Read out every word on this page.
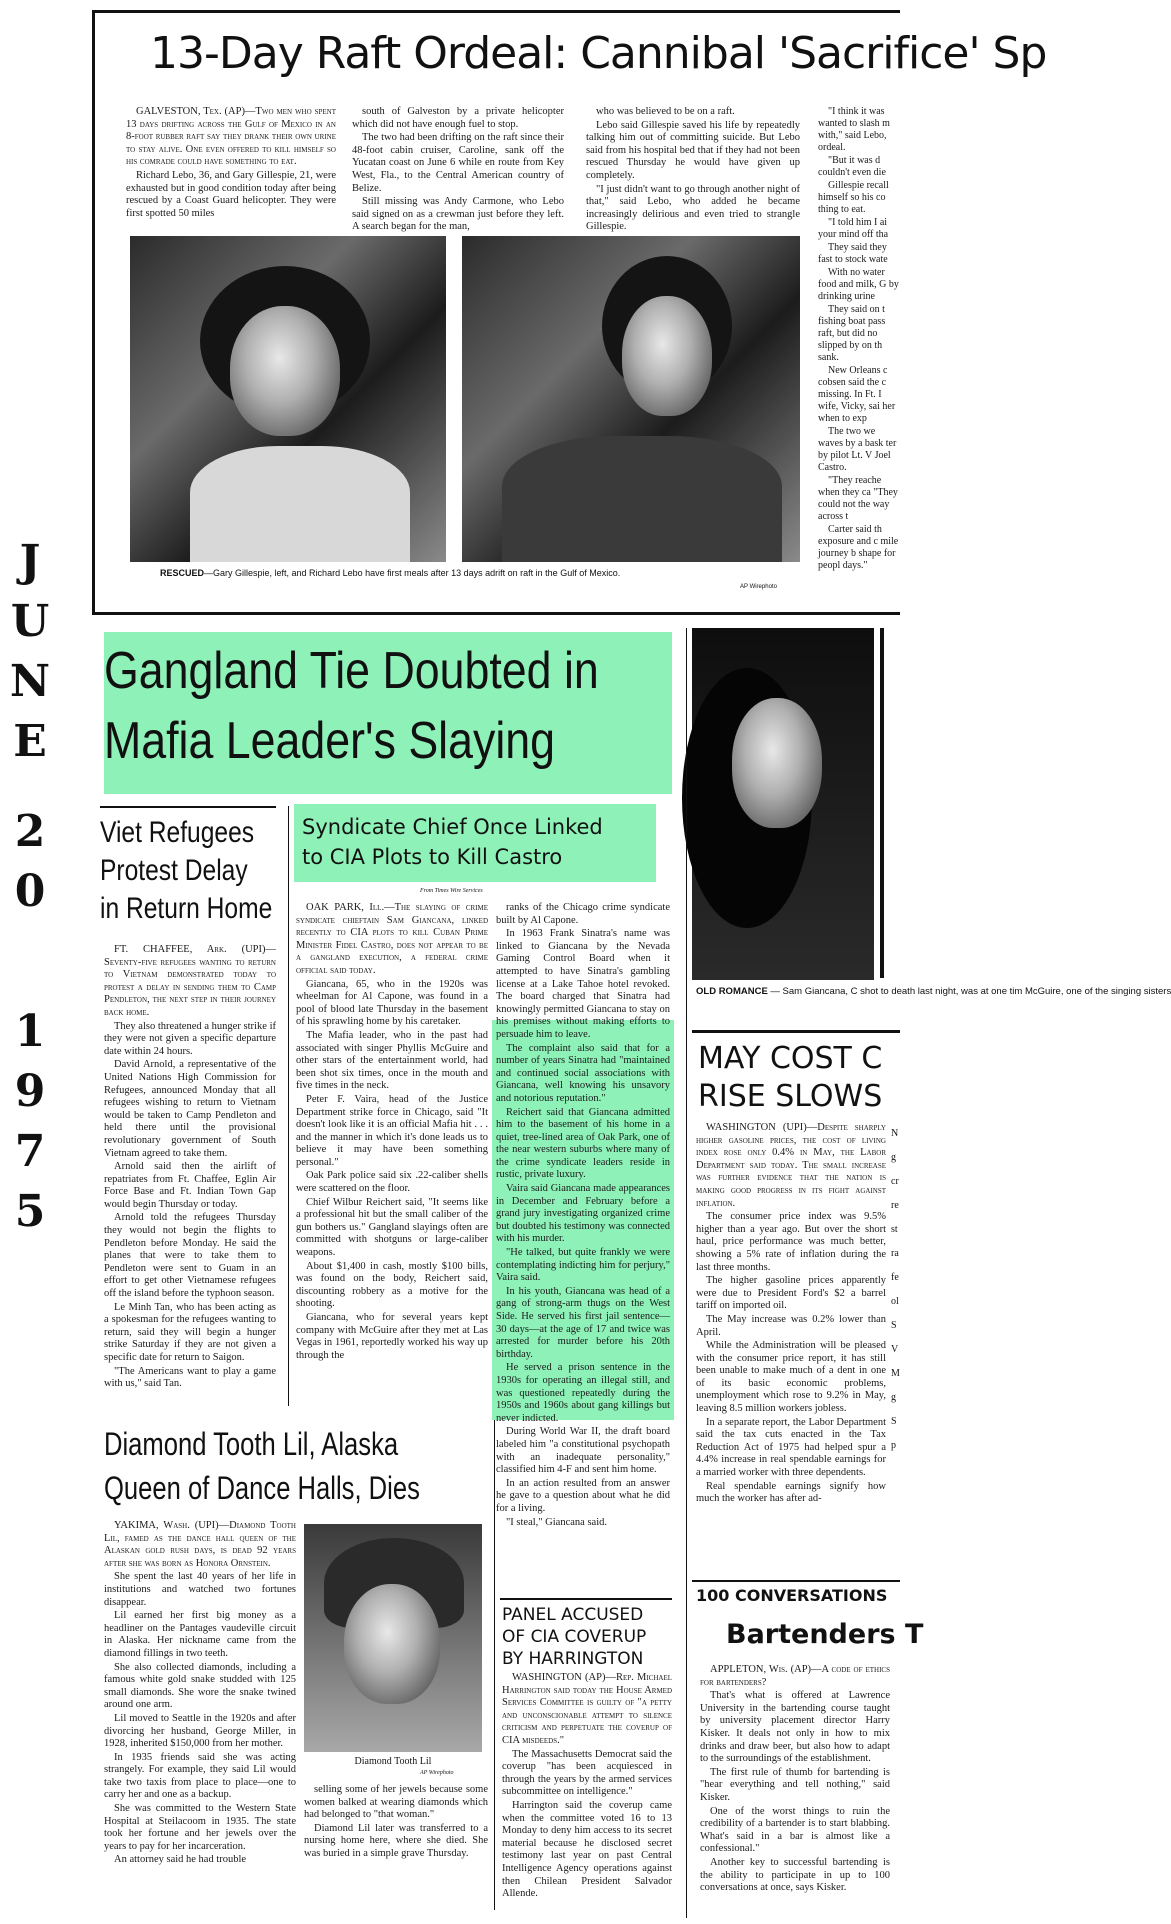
J
U
N
E
2
0
1
9
7
5
13-Day Raft Ordeal: Cannibal 'Sacrifice' Sp

GALVESTON, Tex. (AP)—Two men who spent 13 days drifting across the Gulf of Mexico in an 8-foot rubber raft say they drank their own urine to stay alive. One even offered to kill himself so his comrade could have something to eat.

Richard Lebo, 36, and Gary Gillespie, 21, were exhausted but in good condition today after being rescued by a Coast Guard helicopter. They were first spotted 50 miles

south of Galveston by a private helicopter which did not have enough fuel to stop.

The two had been drifting on the raft since their 48-foot cabin cruiser, Caroline, sank off the Yucatan coast on June 6 while en route from Key West, Fla., to the Central American country of Belize.

Still missing was Andy Carmone, who Lebo said signed on as a crewman just before they left. A search began for the man,

who was believed to be on a raft.

Lebo said Gillespie saved his life by repeatedly talking him out of committing suicide. But Lebo said from his hospital bed that if they had not been rescued Thursday he would have given up completely.

"I just didn't want to go through another night of that," said Lebo, who added he became increasingly delirious and even tried to strangle Gillespie.

"I think it was wanted to slash m with," said Lebo, ordeal.

"But it was d couldn't even die

Gillespie recall himself so his co thing to eat.

"I told him I ai your mind off tha

They said they fast to stock wate

With no water food and milk, G by drinking urine

They said on t fishing boat pass raft, but did no slipped by on th sank.

New Orleans c cobsen said the c missing. In Ft. I wife, Vicky, sai her when to exp

The two we waves by a bask ter by pilot Lt. V Joel Castro.

"They reache when they ca "They could not the way across t

Carter said th exposure and c mile journey b shape for peopl days."

RESCUED—Gary Gillespie, left, and Richard Lebo have first meals after 13 days adrift on raft in the Gulf of Mexico.
AP Wirephoto
Gangland Tie Doubted in
Mafia Leader's Slaying
OLD ROMANCE — Sam Giancana, C shot to death last night, was at one tim McGuire, one of the singing sisters
Viet Refugees
Protest Delay
in Return Home

FT. CHAFFEE, Ark. (UPI)—Seventy-five refugees wanting to return to Vietnam demonstrated today to protest a delay in sending them to Camp Pendleton, the next step in their journey back home.

They also threatened a hunger strike if they were not given a specific departure date within 24 hours.

David Arnold, a representative of the United Nations High Commission for Refugees, announced Monday that all refugees wishing to return to Vietnam would be taken to Camp Pendleton and held there until the provisional revolutionary government of South Vietnam agreed to take them.

Arnold said then the airlift of repatriates from Ft. Chaffee, Eglin Air Force Base and Ft. Indian Town Gap would begin Thursday or today.

Arnold told the refugees Thursday they would not begin the flights to Pendleton before Monday. He said the planes that were to take them to Pendleton were sent to Guam in an effort to get other Vietnamese refugees off the island before the typhoon season.

Le Minh Tan, who has been acting as a spokesman for the refugees wanting to return, said they will begin a hunger strike Saturday if they are not given a specific date for return to Saigon.

"The Americans want to play a game with us," said Tan.

Syndicate Chief Once Linked
to CIA Plots to Kill Castro
From Times Wire Services

OAK PARK, Ill.—The slaying of crime syndicate chieftain Sam Giancana, linked recently to CIA plots to kill Cuban Prime Minister Fidel Castro, does not appear to be a gangland execution, a federal crime official said today.

Giancana, 65, who in the 1920s was wheelman for Al Capone, was found in a pool of blood late Thursday in the basement of his sprawling home by his caretaker.

The Mafia leader, who in the past had associated with singer Phyllis McGuire and other stars of the entertainment world, had been shot six times, once in the mouth and five times in the neck.

Peter F. Vaira, head of the Justice Department strike force in Chicago, said "It doesn't look like it is an official Mafia hit . . . and the manner in which it's done leads us to believe it may have been something personal."

Oak Park police said six .22-caliber shells were scattered on the floor.

Chief Wilbur Reichert said, "It seems like a professional hit but the small caliber of the gun bothers us." Gangland slayings often are committed with shotguns or large-caliber weapons.

About $1,400 in cash, mostly $100 bills, was found on the body, Reichert said, discounting robbery as a motive for the shooting.

Giancana, who for several years kept company with McGuire after they met at Las Vegas in 1961, reportedly worked his way up through the

ranks of the Chicago crime syndicate built by Al Capone.

In 1963 Frank Sinatra's name was linked to Giancana by the Nevada Gaming Control Board when it attempted to have Sinatra's gambling license at a Lake Tahoe hotel revoked. The board charged that Sinatra had knowingly permitted Giancana to stay on his premises without making efforts to persuade him to leave.

The complaint also said that for a number of years Sinatra had "maintained and continued social associations with Giancana, well knowing his unsavory and notorious reputation."

Reichert said that Giancana admitted him to the basement of his home in a quiet, tree-lined area of Oak Park, one of the near western suburbs where many of the crime syndicate leaders reside in rustic, private luxury.

Vaira said Giancana made appearances in December and February before a grand jury investigating organized crime but doubted his testimony was connected with his murder.

"He talked, but quite frankly we were contemplating indicting him for perjury," Vaira said.

In his youth, Giancana was head of a gang of strong-arm thugs on the West Side. He served his first jail sentence—30 days—at the age of 17 and twice was arrested for murder before his 20th birthday.

He served a prison sentence in the 1930s for operating an illegal still, and was questioned repeatedly during the 1950s and 1960s about gang killings but never indicted.

During World War II, the draft board labeled him "a constitutional psychopath with an inadequate personality," classified him 4-F and sent him home.

In an action resulted from an answer he gave to a question about what he did for a living.

"I steal," Giancana said.

Diamond Tooth Lil, Alaska
Queen of Dance Halls, Dies

YAKIMA, Wash. (UPI)—Diamond Tooth Lil, famed as the dance hall queen of the Alaskan gold rush days, is dead 92 years after she was born as Honora Ornstein.

She spent the last 40 years of her life in institutions and watched two fortunes disappear.

Lil earned her first big money as a headliner on the Pantages vaudeville circuit in Alaska. Her nickname came from the diamond fillings in two teeth.

She also collected diamonds, including a famous white gold snake studded with 125 small diamonds. She wore the snake twined around one arm.

Lil moved to Seattle in the 1920s and after divorcing her husband, George Miller, in 1928, inherited $150,000 from her mother.

In 1935 friends said she was acting strangely. For example, they said Lil would take two taxis from place to place—one to carry her and one as a backup.

She was committed to the Western State Hospital at Steilacoom in 1935. The state took her fortune and her jewels over the years to pay for her incarceration.

An attorney said he had trouble

Diamond Tooth Lil
AP Wirephoto

selling some of her jewels because some women balked at wearing diamonds which had belonged to "that woman."

Diamond Lil later was transferred to a nursing home here, where she died. She was buried in a simple grave Thursday.

PANEL ACCUSED
OF CIA COVERUP
BY HARRINGTON

WASHINGTON (AP)—Rep. Michael Harrington said today the House Armed Services Committee is guilty of "a petty and unconscionable attempt to silence criticism and perpetuate the coverup of CIA misdeeds."

The Massachusetts Democrat said the coverup "has been acquiesced in through the years by the armed services subcommittee on intelligence."

Harrington said the coverup came when the committee voted 16 to 13 Monday to deny him access to its secret material because he disclosed secret testimony last year on past Central Intelligence Agency operations against then Chilean President Salvador Allende.

MAY COST C
RISE SLOWS

WASHINGTON (UPI)—Despite sharply higher gasoline prices, the cost of living index rose only 0.4% in May, the Labor Department said today. The small increase was further evidence that the nation is making good progress in its fight against inflation.

The consumer price index was 9.5% higher than a year ago. But over the short haul, price performance was much better, showing a 5% rate of inflation during the last three months.

The higher gasoline prices apparently were due to President Ford's $2 a barrel tariff on imported oil.

The May increase was 0.2% lower than April.

While the Administration will be pleased with the consumer price report, it has still been unable to make much of a dent in one of its basic economic problems, unemployment which rose to 9.2% in May, leaving 8.5 million workers jobless.

In a separate report, the Labor Department said the tax cuts enacted in the Tax Reduction Act of 1975 had helped spur a 4.4% increase in real spendable earnings for a married worker with three dependents.

Real spendable earnings signify how much the worker has after ad-

N
g
cr
re
st
ra
fe
ol
S
V
M
g
S
p
100 CONVERSATIONS
Bartenders T

APPLETON, Wis. (AP)—A code of ethics for bartenders?

That's what is offered at Lawrence University in the bartending course taught by university placement director Harry Kisker. It deals not only in how to mix drinks and draw beer, but also how to adapt to the surroundings of the establishment.

The first rule of thumb for bartending is "hear everything and tell nothing," said Kisker.

One of the worst things to ruin the credibility of a bartender is to start blabbing. What's said in a bar is almost like a confessional."

Another key to successful bartending is the ability to participate in up to 100 conversations at once, says Kisker.
